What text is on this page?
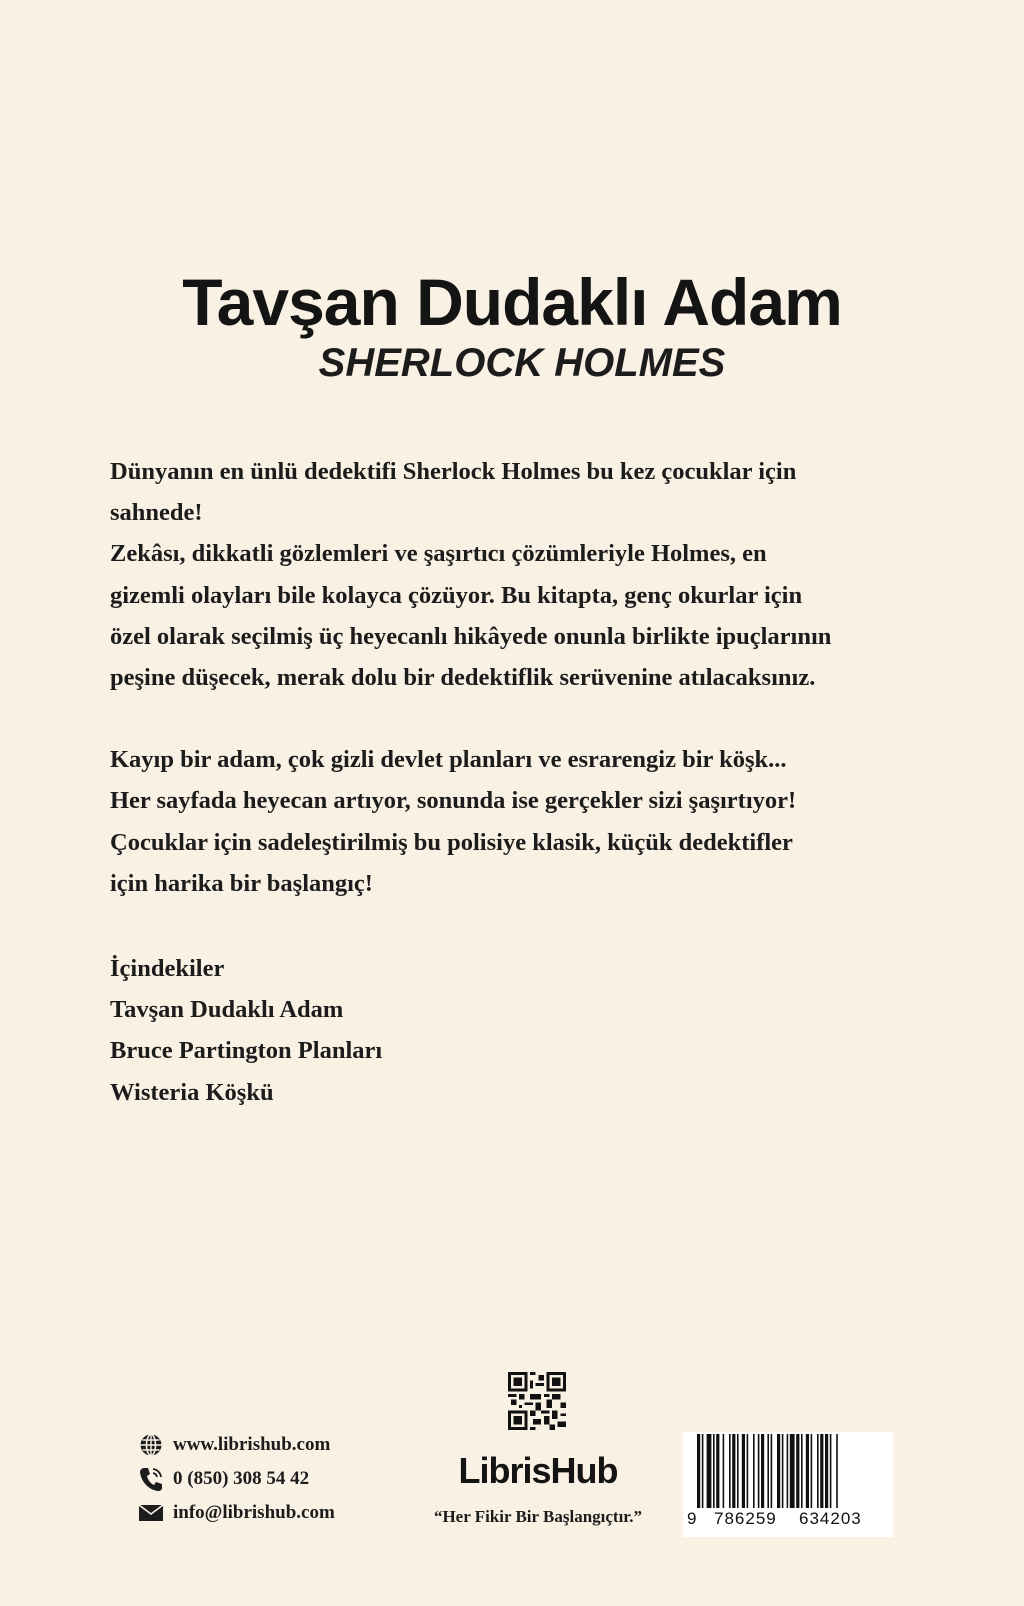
Tavşan Dudaklı Adam
SHERLOCK HOLMES

Dünyanın en ünlü dedektifi Sherlock Holmes bu kez çocuklar için
sahnede!
Zekâsı, dikkatli gözlemleri ve şaşırtıcı çözümleriyle Holmes, en
gizemli olayları bile kolayca çözüyor. Bu kitapta, genç okurlar için
özel olarak seçilmiş üç heyecanlı hikâyede onunla birlikte ipuçlarının
peşine düşecek, merak dolu bir dedektiflik serüvenine atılacaksınız.

Kayıp bir adam, çok gizli devlet planları ve esrarengiz bir köşk...
Her sayfada heyecan artıyor, sonunda ise gerçekler sizi şaşırtıyor!
Çocuklar için sadeleştirilmiş bu polisiye klasik, küçük dedektifler
için harika bir başlangıç!

İçindekiler
Tavşan Dudaklı Adam
Bruce Partington Planları
Wisteria Köşkü
www.librishub.com
0 (850) 308 54 42
info@librishub.com
LibrisHub
“Her Fikir Bir Başlangıçtır.”	9 786259 634203
